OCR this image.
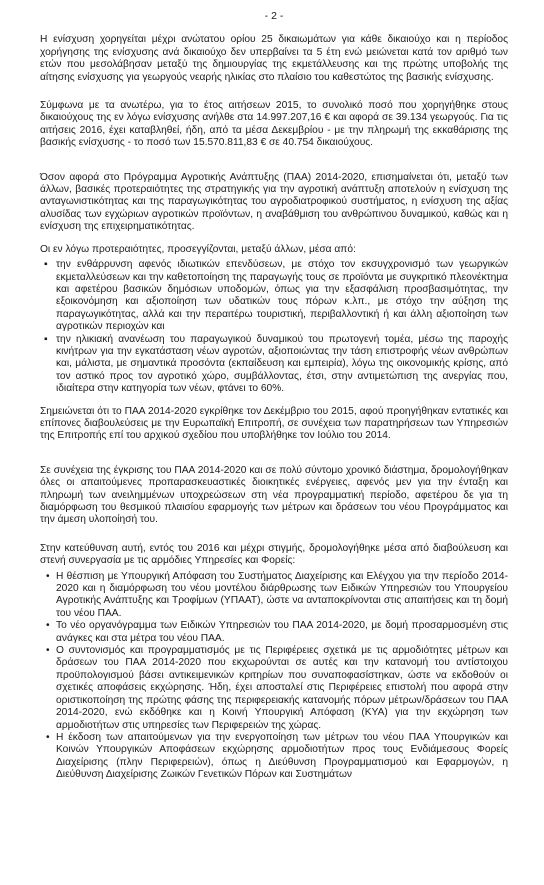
- 2 -

Η ενίσχυση χορηγείται μέχρι ανώτατου ορίου 25 δικαιωμάτων για κάθε δικαιούχο και η περίοδος χορήγησης της ενίσχυσης ανά δικαιούχο δεν υπερβαίνει τα 5 έτη ενώ μειώνεται κατά τον αριθμό των ετών που μεσολάβησαν μεταξύ της δημιουργίας της εκμετάλλευσης και της πρώτης υποβολής της αίτησης ενίσχυσης για γεωργούς νεαρής ηλικίας στο πλαίσιο του καθεστώτος της βασικής ενίσχυσης.

Σύμφωνα με τα ανωτέρω, για το έτος αιτήσεων 2015, το συνολικό ποσό που χορηγήθηκε στους δικαιούχους της εν λόγω ενίσχυσης ανήλθε στα 14.997.207,16 € και αφορά σε 39.134 γεωργούς. Για τις αιτήσεις 2016, έχει καταβληθεί, ήδη, από τα μέσα Δεκεμβρίου - με την πληρωμή της εκκαθάρισης της βασικής ενίσχυσης - το ποσό των 15.570.811,83 € σε 40.754 δικαιούχους.

Όσον αφορά στο Πρόγραμμα Αγροτικής Ανάπτυξης (ΠΑΑ) 2014-2020, επισημαίνεται ότι, μεταξύ των άλλων, βασικές προτεραιότητες της στρατηγικής για την αγροτική ανάπτυξη αποτελούν η ενίσχυση της ανταγωνιστικότητας και της παραγωγικότητας του αγροδιατροφικού συστήματος, η ενίσχυση της αξίας αλυσίδας των εγχώριων αγροτικών προϊόντων, η αναβάθμιση του ανθρώπινου δυναμικού, καθώς και η ενίσχυση της επιχειρηματικότητας.

Οι εν λόγω προτεραιότητες, προσεγγίζονται, μεταξύ άλλων, μέσα από:

▪ την ενθάρρυνση αφενός ιδιωτικών επενδύσεων, με στόχο τον εκσυγχρονισμό των γεωργικών εκμεταλλεύσεων και την καθετοποίηση της παραγωγής τους σε προϊόντα με συγκριτικό πλεονέκτημα και αφετέρου βασικών δημόσιων υποδομών, όπως για την εξασφάλιση προσβασιμότητας, την εξοικονόμηση και αξιοποίηση των υδατικών τους πόρων κ.λπ., με στόχο την αύξηση της παραγωγικότητας, αλλά και την περαιτέρω τουριστική, περιβαλλοντική ή και άλλη αξιοποίηση των αγροτικών περιοχών και
▪ την ηλικιακή ανανέωση του παραγωγικού δυναμικού του πρωτογενή τομέα, μέσω της παροχής κινήτρων για την εγκατάσταση νέων αγροτών, αξιοποιώντας την τάση επιστροφής νέων ανθρώπων και, μάλιστα, με σημαντικά προσόντα (εκπαίδευση και εμπειρία), λόγω της οικονομικής κρίσης, από τον αστικό προς τον αγροτικό χώρο, συμβάλλοντας, έτσι, στην αντιμετώπιση της ανεργίας που, ιδιαίτερα στην κατηγορία των νέων, φτάνει το 60%.

Σημειώνεται ότι το ΠΑΑ 2014-2020 εγκρίθηκε τον Δεκέμβριο του 2015, αφού προηγήθηκαν εντατικές και επίπονες διαβουλεύσεις με την Ευρωπαϊκή Επιτροπή, σε συνέχεια των παρατηρήσεων των Υπηρεσιών της Επιτροπής επί του αρχικού σχεδίου που υποβλήθηκε τον Ιούλιο του 2014.

Σε συνέχεια της έγκρισης του ΠΑΑ 2014-2020 και σε πολύ σύντομο χρονικό διάστημα, δρομολογήθηκαν όλες οι απαιτούμενες προπαρασκευαστικές διοικητικές ενέργειες, αφενός μεν για την ένταξη και πληρωμή των ανειλημμένων υποχρεώσεων στη νέα προγραμματική περίοδο, αφετέρου δε για τη διαμόρφωση του θεσμικού πλαισίου εφαρμογής των μέτρων και δράσεων του νέου Προγράμματος και την άμεση υλοποίησή του.

Στην κατεύθυνση αυτή, εντός του 2016 και μέχρι στιγμής, δρομολογήθηκε μέσα από διαβούλευση και στενή συνεργασία με τις αρμόδιες Υπηρεσίες και Φορείς:

• Η θέσπιση με Υπουργική Απόφαση του Συστήματος Διαχείρισης και Ελέγχου για την περίοδο 2014-2020 και η διαμόρφωση του νέου μοντέλου διάρθρωσης των Ειδικών Υπηρεσιών του Υπουργείου Αγροτικής Ανάπτυξης και Τροφίμων (ΥΠΑΑΤ), ώστε να ανταποκρίνονται στις απαιτήσεις και τη δομή του νέου ΠΑΑ.
• Το νέο οργανόγραμμα των Ειδικών Υπηρεσιών του ΠΑΑ 2014-2020, με δομή προσαρμοσμένη στις ανάγκες και στα μέτρα του νέου ΠΑΑ.
• Ο συντονισμός και προγραμματισμός με τις Περιφέρειες σχετικά με τις αρμοδιότητες μέτρων και δράσεων του ΠΑΑ 2014-2020 που εκχωρούνται σε αυτές και την κατανομή του αντίστοιχου προϋπολογισμού βάσει αντικειμενικών κριτηρίων που συναποφασίστηκαν, ώστε να εκδοθούν οι σχετικές αποφάσεις εκχώρησης. Ήδη, έχει αποσταλεί στις Περιφέρειες επιστολή που αφορά στην οριστικοποίηση της πρώτης φάσης της περιφερειακής κατανομής πόρων μέτρων/δράσεων του ΠΑΑ 2014-2020, ενώ εκδόθηκε και η Κοινή Υπουργική Απόφαση (ΚΥΑ) για την εκχώρηση των αρμοδιοτήτων στις υπηρεσίες των Περιφερειών της χώρας.
• Η έκδοση των απαιτούμενων για την ενεργοποίηση των μέτρων του νέου ΠΑΑ Υπουργικών και Κοινών Υπουργικών Αποφάσεων εκχώρησης αρμοδιοτήτων προς τους Ενδιάμεσους Φορείς Διαχείρισης (πλην Περιφερειών), όπως η Διεύθυνση Προγραμματισμού και Εφαρμογών, η Διεύθυνση Διαχείρισης Ζωικών Γενετικών Πόρων και Συστημάτων
